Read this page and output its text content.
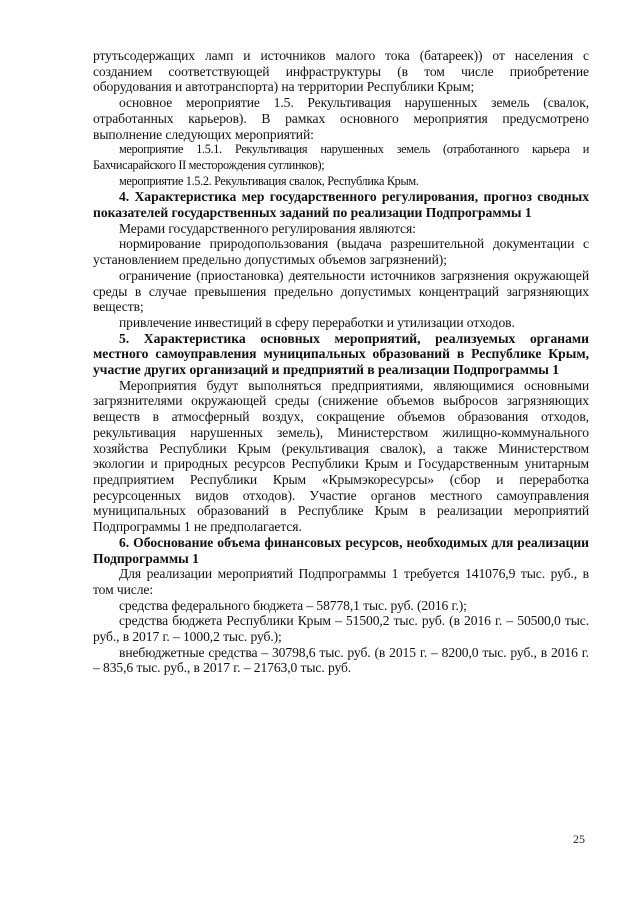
ртутьсодержащих ламп и источников малого тока (батареек)) от населения с созданием соответствующей инфраструктуры (в том числе приобретение оборудования и автотранспорта) на территории Республики Крым;

основное мероприятие 1.5. Рекультивация нарушенных земель (свалок, отработанных карьеров). В рамках основного мероприятия предусмотрено выполнение следующих мероприятий:

мероприятие 1.5.1. Рекультивация нарушенных земель (отработанного карьера и Бахчисарайского II месторождения суглинков);

мероприятие 1.5.2. Рекультивация свалок, Республика Крым.

4. Характеристика мер государственного регулирования, прогноз сводных показателей государственных заданий по реализации Подпрограммы 1

Мерами государственного регулирования являются:

нормирование природопользования (выдача разрешительной документации с установлением предельно допустимых объемов загрязнений);

ограничение (приостановка) деятельности источников загрязнения окружающей среды в случае превышения предельно допустимых концентраций загрязняющих веществ;

привлечение инвестиций в сферу переработки и утилизации отходов.

5. Характеристика основных мероприятий, реализуемых органами местного самоуправления муниципальных образований в Республике Крым, участие других организаций и предприятий в реализации Подпрограммы 1

Мероприятия будут выполняться предприятиями, являющимися основными загрязнителями окружающей среды (снижение объемов выбросов загрязняющих веществ в атмосферный воздух, сокращение объемов образования отходов, рекультивация нарушенных земель), Министерством жилищно-коммунального хозяйства Республики Крым (рекультивация свалок), а также Министерством экологии и природных ресурсов Республики Крым и Государственным унитарным предприятием Республики Крым «Крымэкоресурсы» (сбор и переработка ресурсоценных видов отходов). Участие органов местного самоуправления муниципальных образований в Республике Крым в реализации мероприятий Подпрограммы 1 не предполагается.

6. Обоснование объема финансовых ресурсов, необходимых для реализации Подпрограммы 1

Для реализации мероприятий Подпрограммы 1 требуется 141076,9 тыс. руб., в том числе:

средства федерального бюджета – 58778,1 тыс. руб. (2016 г.);

средства бюджета Республики Крым – 51500,2 тыс. руб. (в 2016 г. – 50500,0 тыс. руб., в 2017 г. – 1000,2 тыс. руб.);

внебюджетные средства – 30798,6 тыс. руб. (в 2015 г. – 8200,0 тыс. руб., в 2016 г. – 835,6 тыс. руб., в 2017 г. – 21763,0 тыс. руб.

25
